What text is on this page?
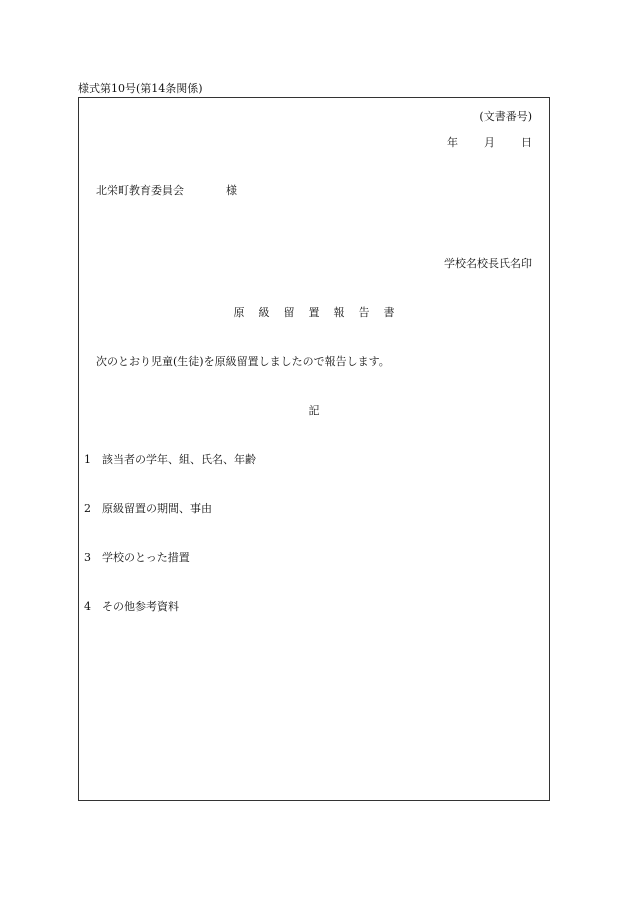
様式第10号(第14条関係)
(文書番号)
年 月 日
北栄町教育委員会	様
学校名校長氏名印
原級留置報告書
次のとおり児童(生徒)を原級留置しましたので報告します。
記
1 該当者の学年、組、氏名、年齢
2 原級留置の期間、事由
3 学校のとった措置
4 その他参考資料
